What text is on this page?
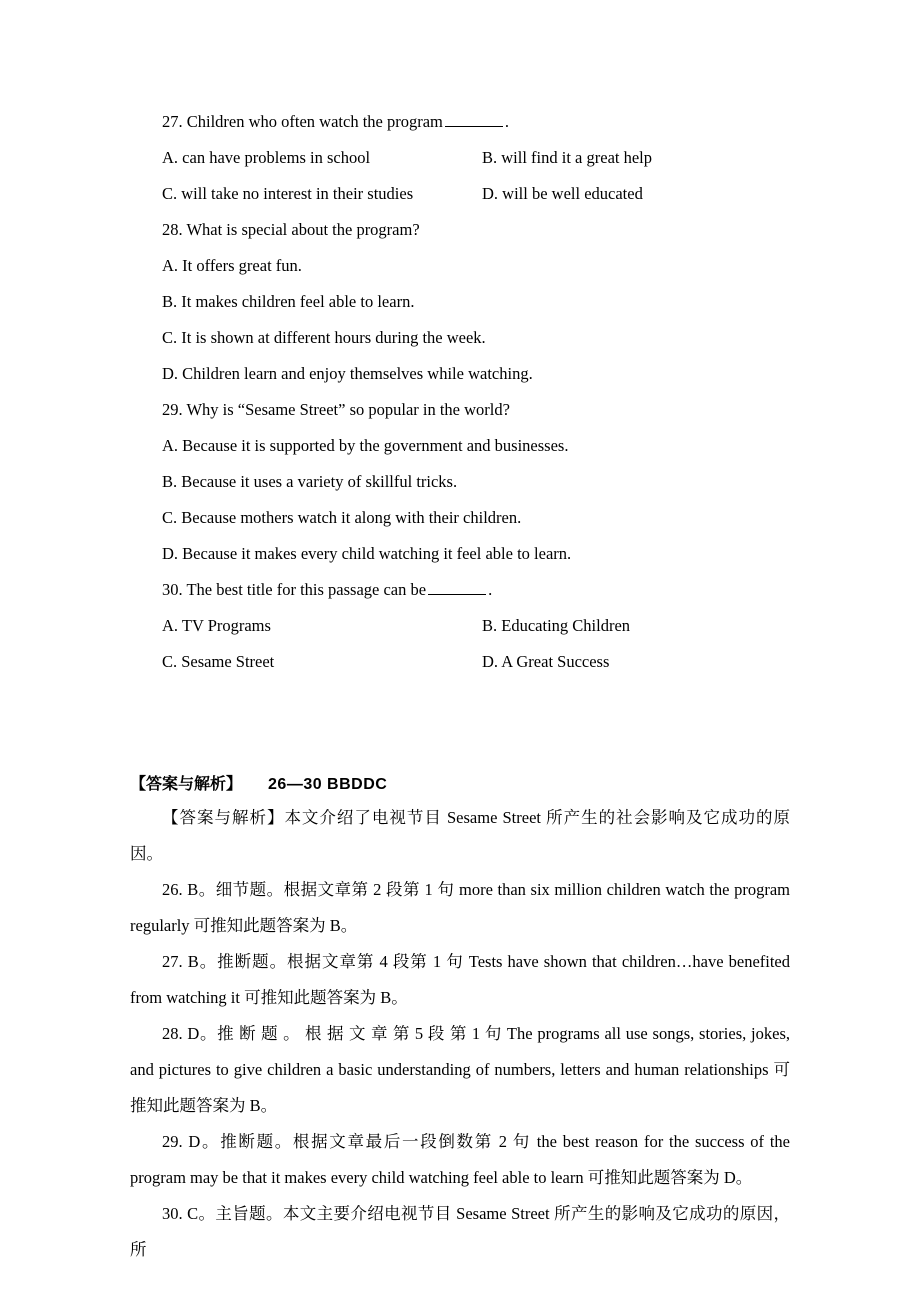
27. Children who often watch the program	.
A. can have problems in school	B. will find it a great help
C. will take no interest in their studies	D. will be well educated
28. What is special about the program?
A. It offers great fun.
B. It makes children feel able to learn.
C. It is shown at different hours during the week.
D. Children learn and enjoy themselves while watching.
29. Why is “Sesame Street” so popular in the world?
A. Because it is supported by the government and businesses.
B. Because it uses a variety of skillful tricks.
C. Because mothers watch it along with their children.
D. Because it makes every child watching it feel able to learn.
30. The best title for this passage can be	.
A. TV Programs	B. Educating Children
C. Sesame Street	D. A Great Success
【答案与解析】 26—30 BBDDC

【答案与解析】本文介绍了电视节目 Sesame Street 所产生的社会影响及它成功的原因。

26. B。细节题。根据文章第 2 段第 1 句 more than six million children watch the program regularly 可推知此题答案为 B。

27. B。推断题。根据文章第 4 段第 1 句 Tests have shown that children…have benefited from watching it 可推知此题答案为 B。

28. D。推 断 题 。 根 据 文 章 第 5 段 第 1 句 The programs all use songs, stories, jokes, and pictures to give children a basic understanding of numbers, letters and human relationships 可推知此题答案为 B。

29. D。推断题。根据文章最后一段倒数第 2 句 the best reason for the success of the program may be that it makes every child watching feel able to learn 可推知此题答案为 D。

30. C。主旨题。本文主要介绍电视节目 Sesame Street 所产生的影响及它成功的原因，所
